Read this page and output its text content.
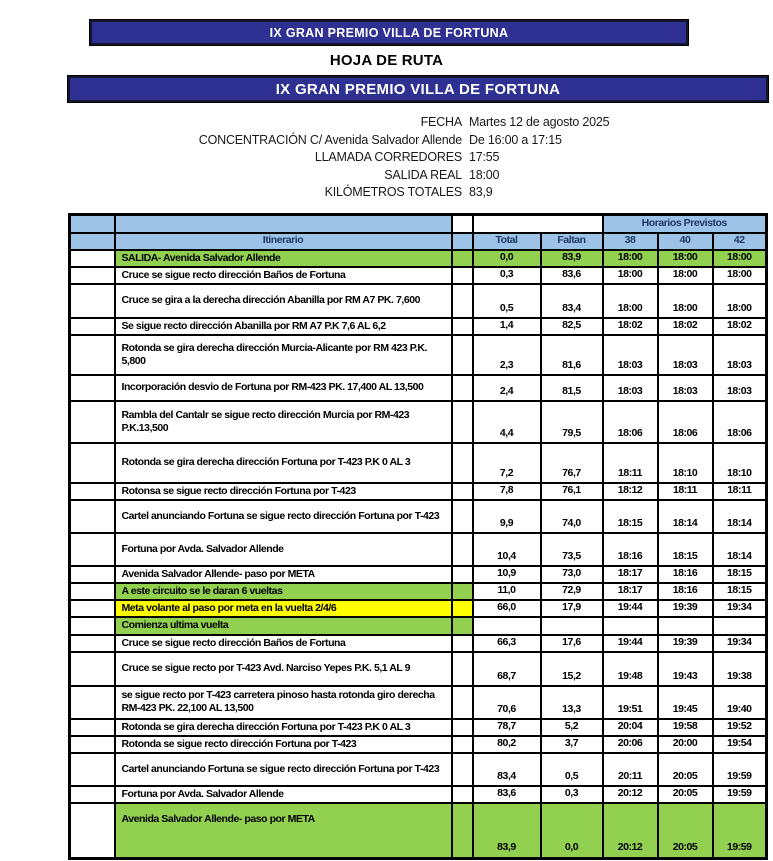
IX GRAN PREMIO VILLA DE FORTUNA
HOJA DE RUTA
IX GRAN PREMIO VILLA DE FORTUNA
FECHA Martes 12 de agosto 2025
CONCENTRACIÓN C/ Avenida Salvador Allende De 16:00 a 17:15
LLAMADA CORREDORES 17:55
SALIDA REAL 18:00
KILÓMETROS TOTALES 83,9
					Horarios Previstos		
	Itinerario		Total	Faltan	38	40	42
	SALIDA- Avenida Salvador Allende		0,0	83,9	18:00	18:00	18:00
	Cruce se sigue recto dirección Baños de Fortuna		0,3	83,6	18:00	18:00	18:00
	Cruce se gira a la derecha dirección Abanilla por RM A7 PK. 7,600		0,5	83,4	18:00	18:00	18:00
	Se sigue recto dirección Abanilla por RM A7 P.K 7,6 AL 6,2		1,4	82,5	18:02	18:02	18:02
	Rotonda se gira derecha dirección Murcia-Alicante por RM 423 P.K. 5,800		2,3	81,6	18:03	18:03	18:03
	Incorporación desvio de Fortuna por RM-423 PK. 17,400 AL 13,500		2,4	81,5	18:03	18:03	18:03
	Rambla del Cantalr se sigue recto dirección Murcia por RM-423 P.K.13,500		4,4	79,5	18:06	18:06	18:06
	Rotonda se gira derecha dirección Fortuna por T-423 P.K 0 AL 3		7,2	76,7	18:11	18:10	18:10
	Rotonsa se sigue recto dirección Fortuna por T-423		7,8	76,1	18:12	18:11	18:11
	Cartel anunciando Fortuna se sigue recto dirección Fortuna por T-423		9,9	74,0	18:15	18:14	18:14
	Fortuna por Avda. Salvador Allende		10,4	73,5	18:16	18:15	18:14
	Avenida Salvador Allende- paso por META		10,9	73,0	18:17	18:16	18:15
	A este circuito se le daran 6 vueltas		11,0	72,9	18:17	18:16	18:15
	Meta volante al paso por meta en la vuelta 2/4/6		66,0	17,9	19:44	19:39	19:34
	Comienza ultima vuelta						
	Cruce se sigue recto dirección Baños de Fortuna		66,3	17,6	19:44	19:39	19:34
	Cruce se sigue recto por T-423 Avd. Narciso Yepes P.K. 5,1 AL 9		68,7	15,2	19:48	19:43	19:38
	se sigue recto por T-423 carretera pinoso hasta rotonda giro derecha RM-423 PK. 22,100 AL 13,500		70,6	13,3	19:51	19:45	19:40
	Rotonda se gira derecha dirección Fortuna por T-423 P.K 0 AL 3		78,7	5,2	20:04	19:58	19:52
	Rotonda se sigue recto dirección Fortuna por T-423		80,2	3,7	20:06	20:00	19:54
	Cartel anunciando Fortuna se sigue recto dirección Fortuna por T-423		83,4	0,5	20:11	20:05	19:59
	Fortuna por Avda. Salvador Allende		83,6	0,3	20:12	20:05	19:59
	Avenida Salvador Allende- paso por META		83,9	0,0	20:12	20:05	19:59
